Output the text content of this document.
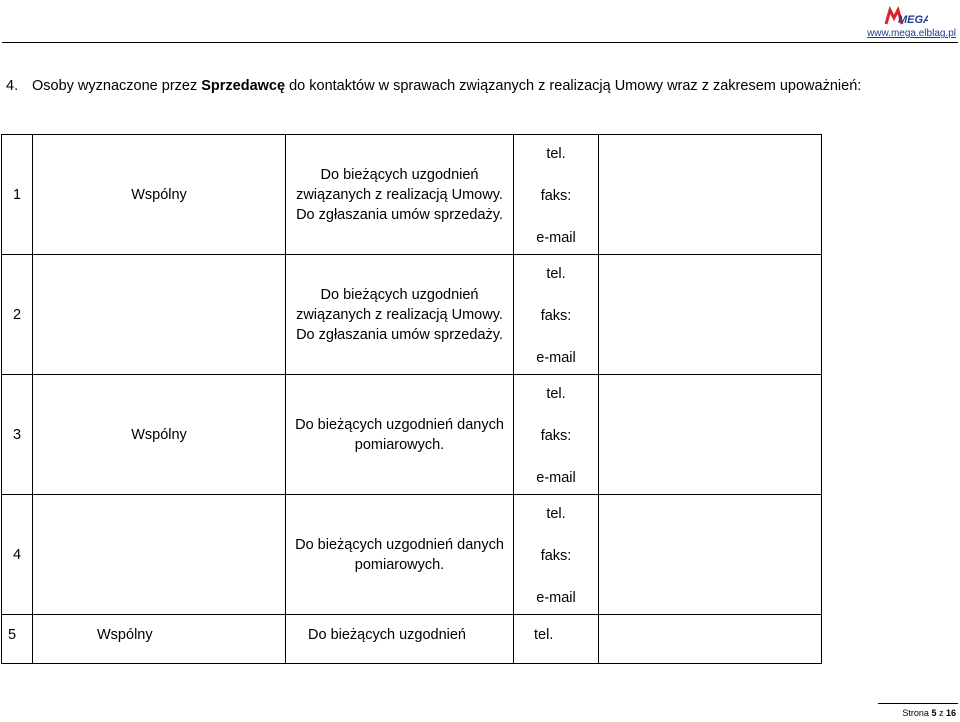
MEGA
www.mega.elblag.pl
4. Osoby wyznaczone przez Sprzedawcę do kontaktów w sprawach związanych z realizacją Umowy wraz z zakresem upoważnień:
1	Wspólny	Do bieżących uzgodnień związanych z realizacją Umowy. Do zgłaszania umów sprzedaży.	tel.
faks:
e-mail	

2		Do bieżących uzgodnień związanych z realizacją Umowy. Do zgłaszania umów sprzedaży.	tel.
faks:
e-mail	

3	Wspólny	Do bieżących uzgodnień danych pomiarowych.	tel.
faks:
e-mail	

4		Do bieżących uzgodnień danych pomiarowych.	tel.
faks:
e-mail	

5	Wspólny	Do bieżących uzgodnień	tel.	
Strona 5 z 16
